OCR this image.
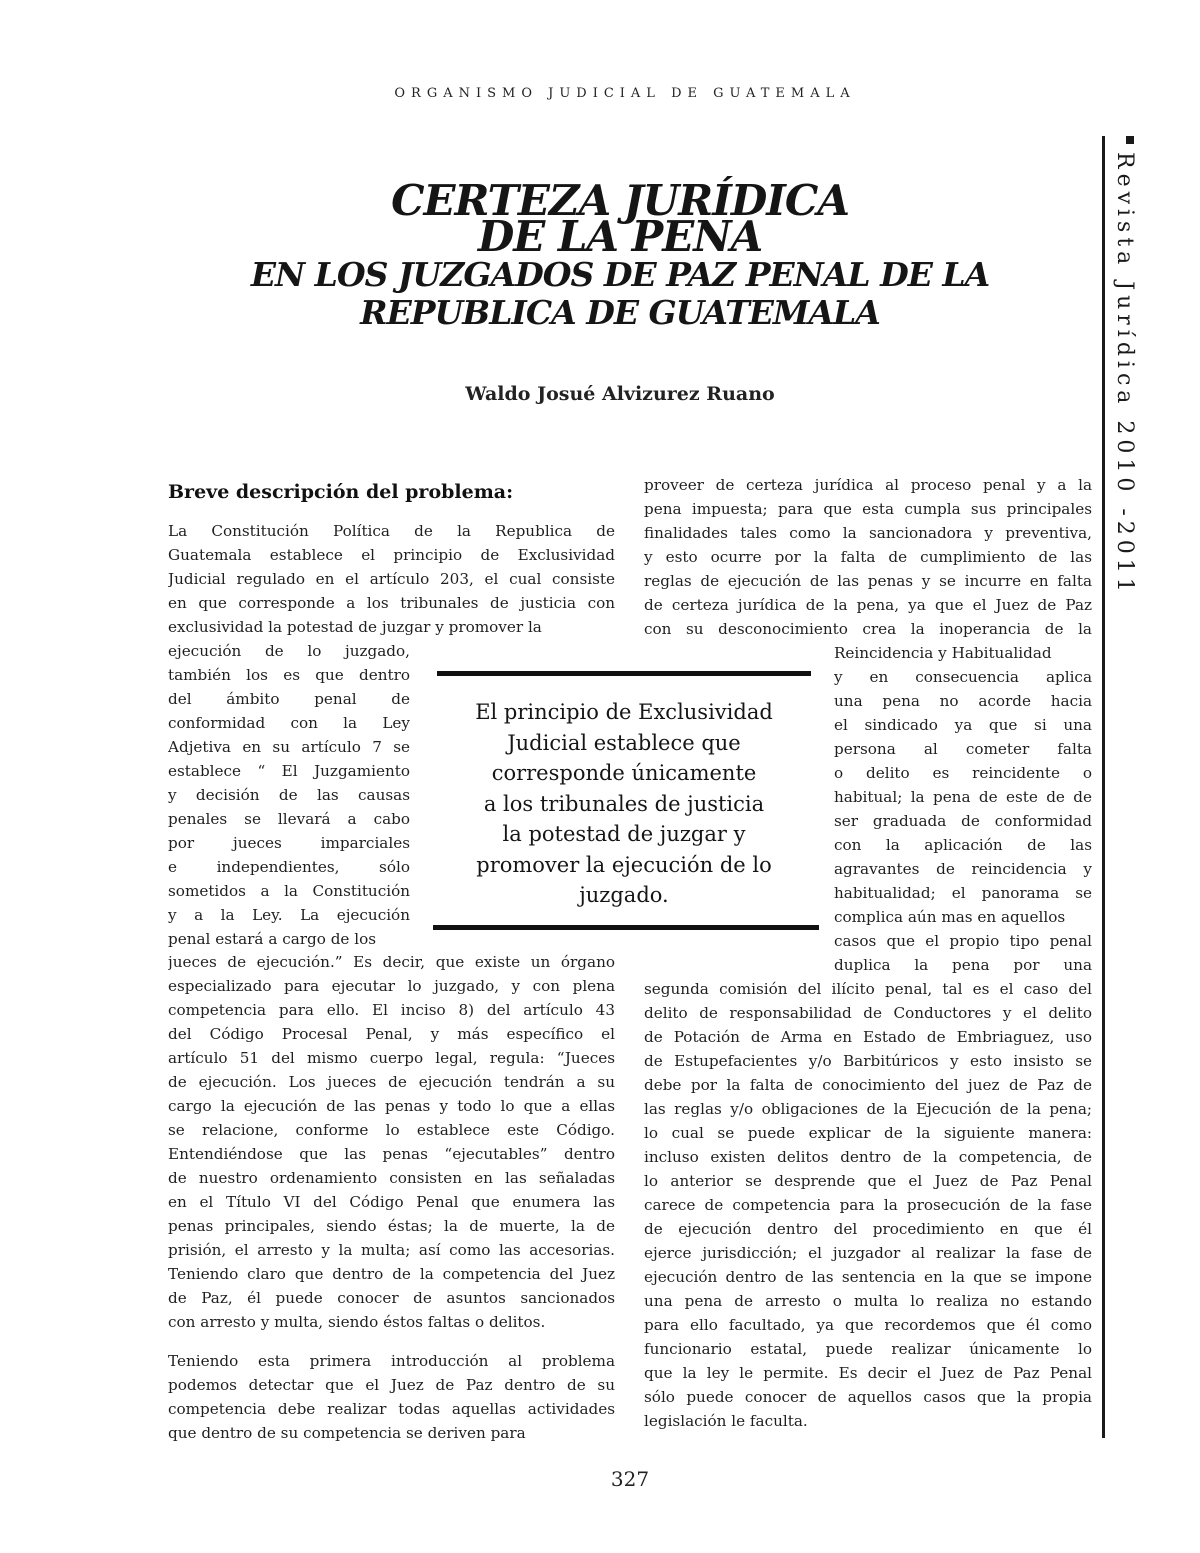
ORGANISMO JUDICIAL DE GUATEMALA
Revista Jurídica 2010 -2011
CERTEZA JURÍDICA
DE LA PENA
EN LOS JUZGADOS DE PAZ PENAL DE LA
REPUBLICA DE GUATEMALA
Waldo Josué Alvizurez Ruano
Breve descripción del problema:
La Constitución Política de la Republica de
Guatemala establece el principio de Exclusividad
Judicial regulado en el artículo 203, el cual consiste
en que corresponde a los tribunales de justicia con
exclusividad la potestad de juzgar y promover la
ejecución de lo juzgado,
también los es que dentro
del ámbito penal de
conformidad con la Ley
Adjetiva en su artículo 7 se
establece “ El Juzgamiento
y decisión de las causas
penales se llevará a cabo
por jueces imparciales
e independientes, sólo
sometidos a la Constitución
y a la Ley. La ejecución
penal estará a cargo de los
jueces de ejecución.” Es decir, que existe un órgano
especializado para ejecutar lo juzgado, y con plena
competencia para ello. El inciso 8) del artículo 43
del Código Procesal Penal, y más específico el
artículo 51 del mismo cuerpo legal, regula: “Jueces
de ejecución. Los jueces de ejecución tendrán a su
cargo la ejecución de las penas y todo lo que a ellas
se relacione, conforme lo establece este Código.
Entendiéndose que las penas “ejecutables” dentro
de nuestro ordenamiento consisten en las señaladas
en el Título VI del Código Penal que enumera las
penas principales, siendo éstas; la de muerte, la de
prisión, el arresto y la multa; así como las accesorias.
Teniendo claro que dentro de la competencia del Juez
de Paz, él puede conocer de asuntos sancionados
con arresto y multa, siendo éstos faltas o delitos.
Teniendo esta primera introducción al problema
podemos detectar que el Juez de Paz dentro de su
competencia debe realizar todas aquellas actividades
que dentro de su competencia se deriven para
proveer de certeza jurídica al proceso penal y a la
pena impuesta; para que esta cumpla sus principales
finalidades tales como la sancionadora y preventiva,
y esto ocurre por la falta de cumplimiento de las
reglas de ejecución de las penas y se incurre en falta
de certeza jurídica de la pena, ya que el Juez de Paz
con su desconocimiento crea la inoperancia de la
Reincidencia y Habitualidad
y en consecuencia aplica
una pena no acorde hacia
el sindicado ya que si una
persona al cometer falta
o delito es reincidente o
habitual; la pena de este de de
ser graduada de conformidad
con la aplicación de las
agravantes de reincidencia y
habitualidad; el panorama se
complica aún mas en aquellos
casos que el propio tipo penal
duplica la pena por una
segunda comisión del ilícito penal, tal es el caso del
delito de responsabilidad de Conductores y el delito
de Potación de Arma en Estado de Embriaguez, uso
de Estupefacientes y/o Barbitúricos y esto insisto se
debe por la falta de conocimiento del juez de Paz de
las reglas y/o obligaciones de la Ejecución de la pena;
lo cual se puede explicar de la siguiente manera:
incluso existen delitos dentro de la competencia, de
lo anterior se desprende que el Juez de Paz Penal
carece de competencia para la prosecución de la fase
de ejecución dentro del procedimiento en que él
ejerce jurisdicción; el juzgador al realizar la fase de
ejecución dentro de las sentencia en la que se impone
una pena de arresto o multa lo realiza no estando
para ello facultado, ya que recordemos que él como
funcionario estatal, puede realizar únicamente lo
que la ley le permite. Es decir el Juez de Paz Penal
sólo puede conocer de aquellos casos que la propia
legislación le faculta.
El principio de Exclusividad
Judicial establece que
corresponde únicamente
a los tribunales de justicia
la potestad de juzgar y
promover la ejecución de lo
juzgado.
327
